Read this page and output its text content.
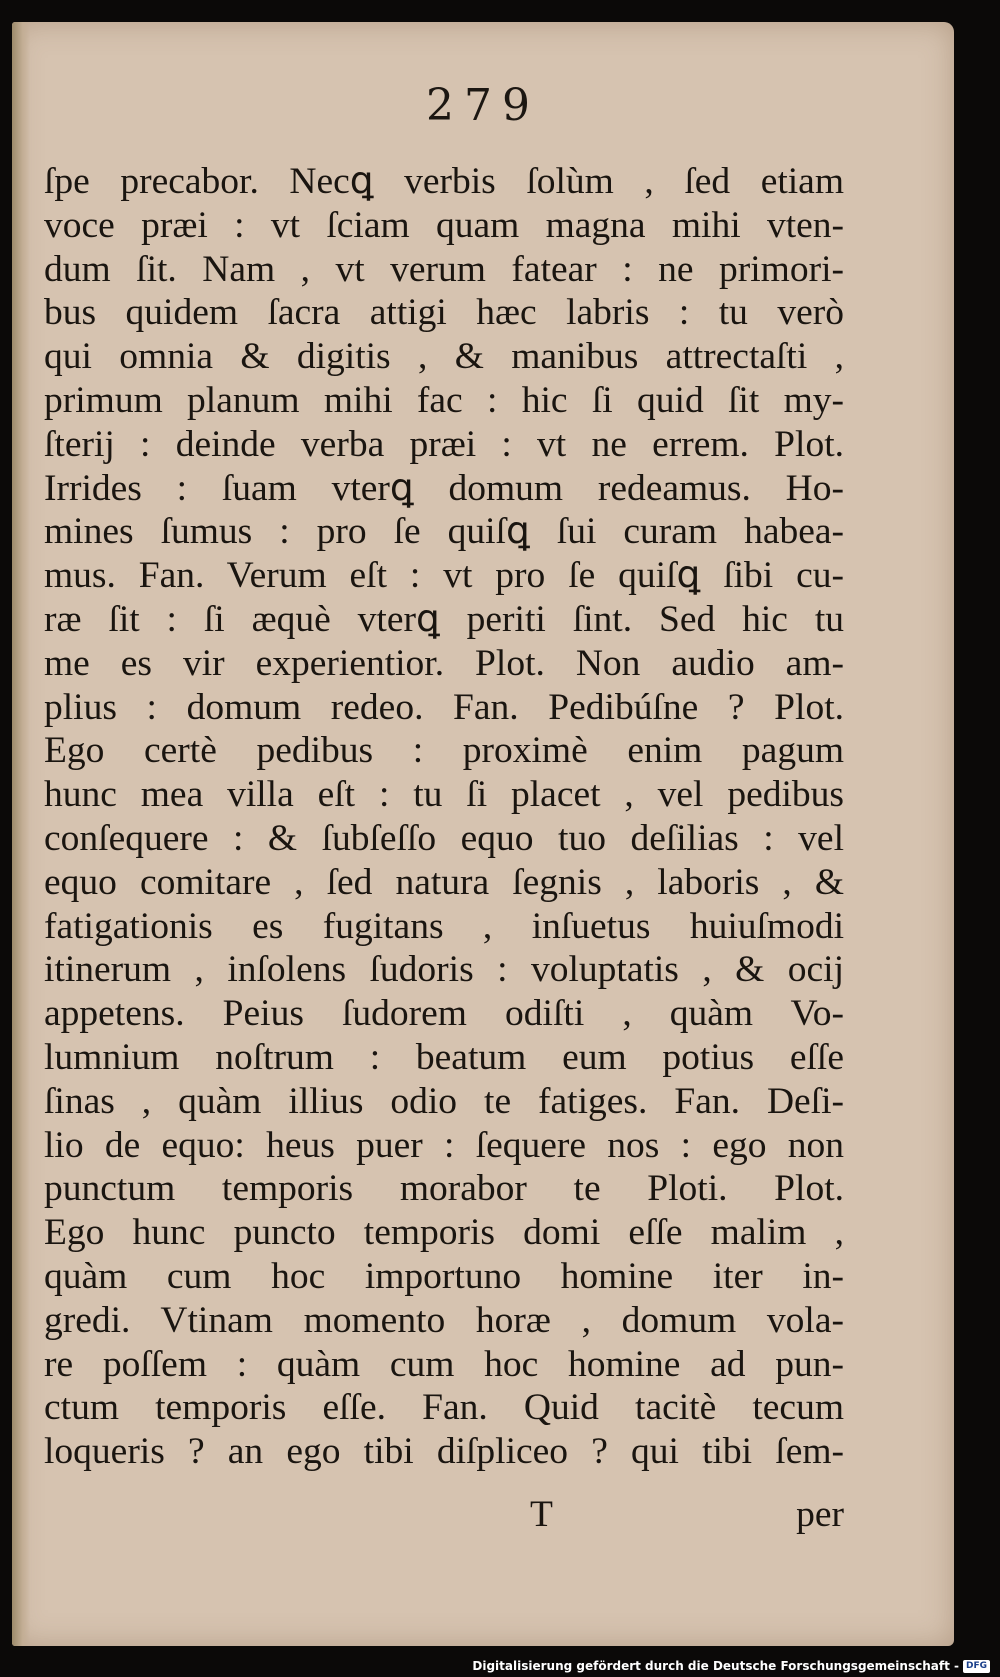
279
ſpe precabor. Necꝗ verbis ſolùm , ſed etiam
voce præi : vt ſciam quam magna mihi vten-
dum ſit. Nam , vt verum fatear : ne primori-
bus quidem ſacra attigi hæc labris : tu verò
qui omnia & digitis , & manibus attrectaſti ,
primum planum mihi fac : hic ſi quid ſit my-
ſterij : deinde verba præi : vt ne errem. Plot.
Irrides : ſuam vterꝗ domum redeamus. Ho-
mines ſumus : pro ſe quiſꝗ ſui curam habea-
mus. Fan. Verum eſt : vt pro ſe quiſꝗ ſibi cu-
ræ ſit : ſi æquè vterꝗ periti ſint. Sed hic tu
me es vir experientior. Plot. Non audio am-
plius : domum redeo. Fan. Pedibúſne ? Plot.
Ego certè pedibus : proximè enim pagum
hunc mea villa eſt : tu ſi placet , vel pedibus
conſequere : & ſubſeſſo equo tuo deſilias : vel
equo comitare , ſed natura ſegnis , laboris , &
fatigationis es fugitans , inſuetus huiuſmodi
itinerum , inſolens ſudoris : voluptatis , & ocij
appetens. Peius ſudorem odiſti , quàm Vo-
lumnium noſtrum : beatum eum potius eſſe
ſinas , quàm illius odio te fatiges. Fan. Deſi-
lio de equo: heus puer : ſequere nos : ego non
punctum temporis morabor te Ploti. Plot.
Ego hunc puncto temporis domi eſſe malim ,
quàm cum hoc importuno homine iter in-
gredi. Vtinam momento horæ , domum vola-
re poſſem : quàm cum hoc homine ad pun-
ctum temporis eſſe. Fan. Quid tacitè tecum
loqueris ? an ego tibi diſpliceo ? qui tibi ſem-
T	per
Digitalisierung gefördert durch die Deutsche Forschungsgemeinschaft - DFG
